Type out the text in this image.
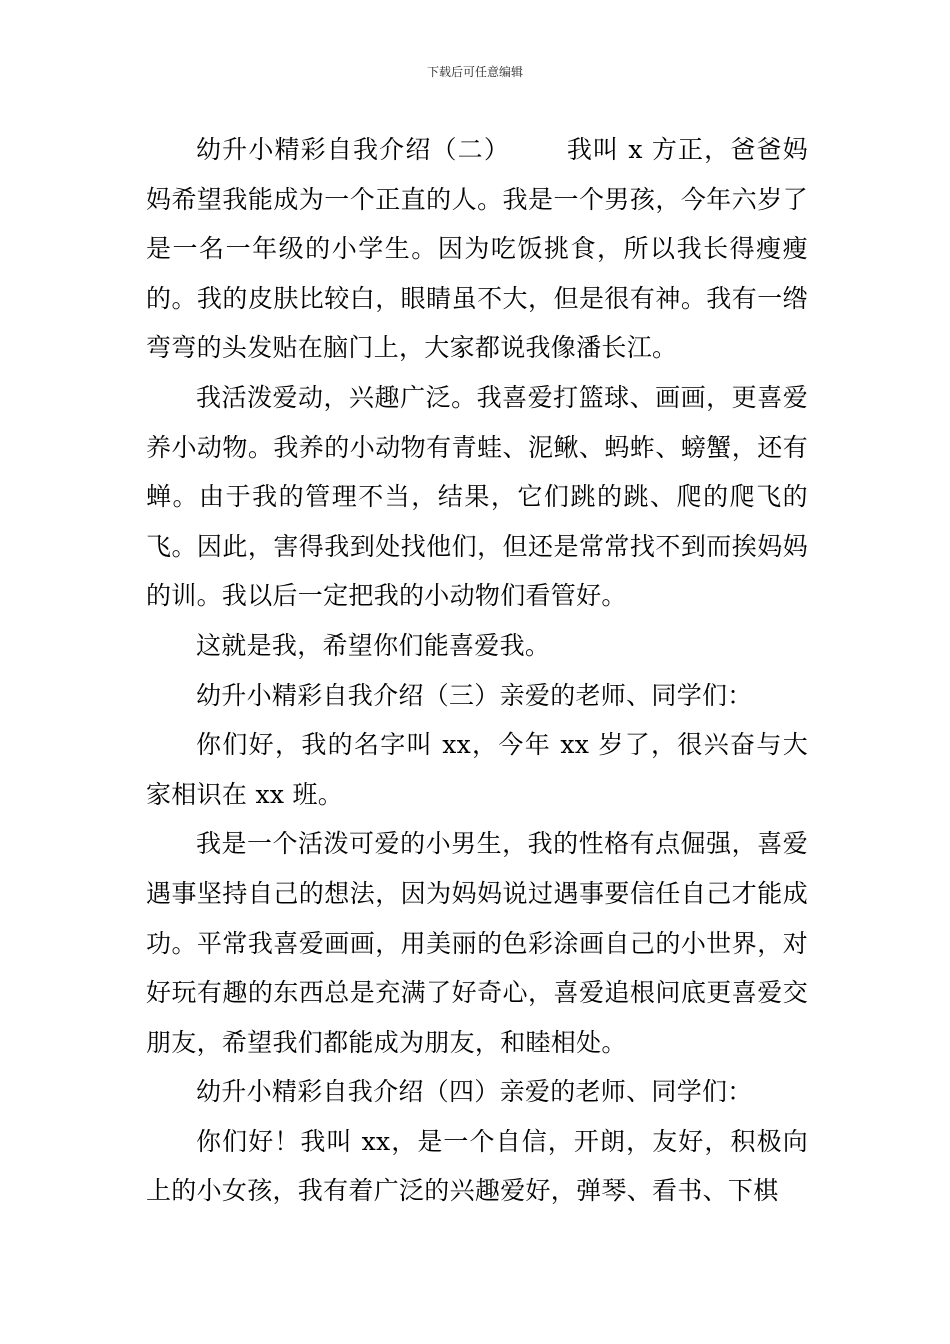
下载后可任意编辑

幼升小精彩自我介绍（二） 我叫 x 方正，爸爸妈妈希望我能成为一个正直的人。我是一个男孩，今年六岁了是一名一年级的小学生。因为吃饭挑食，所以我长得瘦瘦的。我的皮肤比较白，眼睛虽不大，但是很有神。我有一绺弯弯的头发贴在脑门上，大家都说我像潘长江。

我活泼爱动，兴趣广泛。我喜爱打篮球、画画，更喜爱养小动物。我养的小动物有青蛙、泥鳅、蚂蚱、螃蟹，还有蝉。由于我的管理不当，结果，它们跳的跳、爬的爬飞的飞。因此，害得我到处找他们，但还是常常找不到而挨妈妈的训。我以后一定把我的小动物们看管好。

这就是我，希望你们能喜爱我。

幼升小精彩自我介绍（三）亲爱的老师、同学们：

你们好，我的名字叫 xx，今年 xx 岁了，很兴奋与大家相识在 xx 班。

我是一个活泼可爱的小男生，我的性格有点倔强，喜爱遇事坚持自己的想法，因为妈妈说过遇事要信任自己才能成功。平常我喜爱画画，用美丽的色彩涂画自己的小世界，对好玩有趣的东西总是充满了好奇心，喜爱追根问底更喜爱交朋友，希望我们都能成为朋友，和睦相处。

幼升小精彩自我介绍（四）亲爱的老师、同学们：

你们好！我叫 xx，是一个自信，开朗，友好，积极向上的小女孩，我有着广泛的兴趣爱好，弹琴、看书、下棋
